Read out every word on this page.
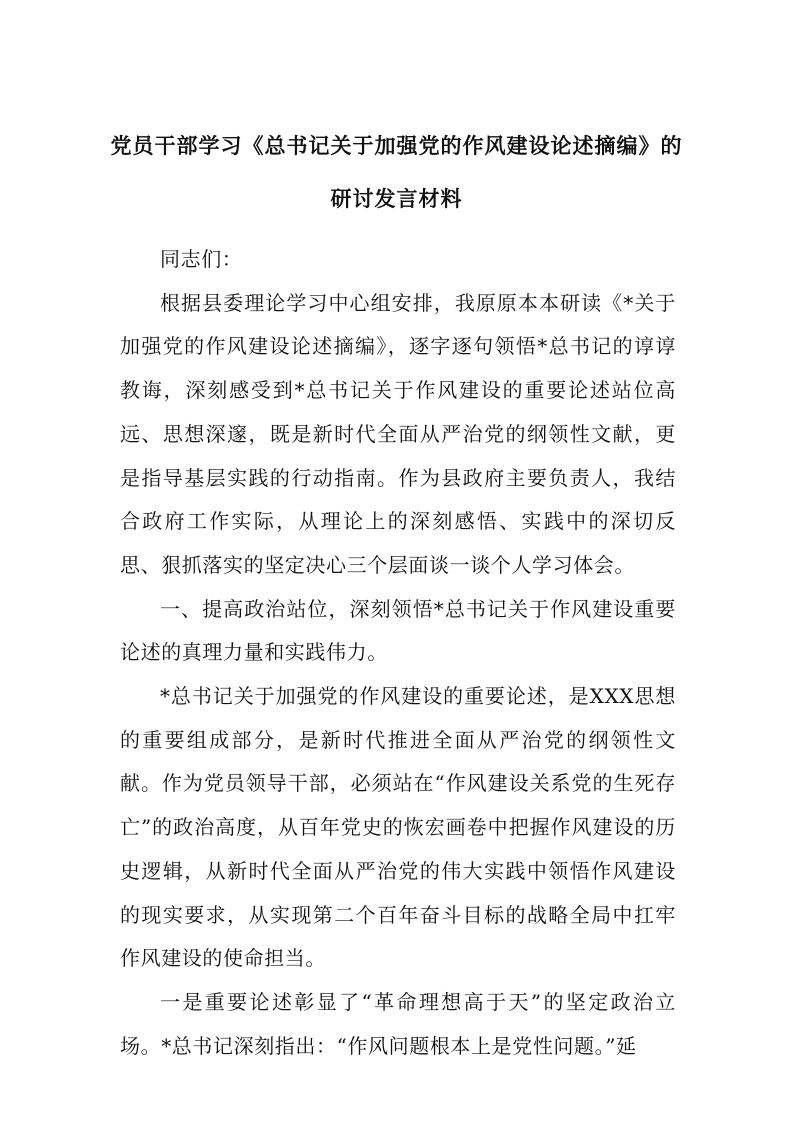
党员干部学习《总书记关于加强党的作风建设论述摘编》的
研讨发言材料

同志们：

根据县委理论学习中心组安排，我原原本本研读《*关于加强党的作风建设论述摘编》，逐字逐句领悟*总书记的谆谆教诲，深刻感受到*总书记关于作风建设的重要论述站位高远、思想深邃，既是新时代全面从严治党的纲领性文献，更是指导基层实践的行动指南。作为县政府主要负责人，我结合政府工作实际，从理论上的深刻感悟、实践中的深切反思、狠抓落实的坚定决心三个层面谈一谈个人学习体会。

一、提高政治站位，深刻领悟*总书记关于作风建设重要论述的真理力量和实践伟力。

*总书记关于加强党的作风建设的重要论述，是XXX思想的重要组成部分，是新时代推进全面从严治党的纲领性文献。作为党员领导干部，必须站在“作风建设关系党的生死存亡”的政治高度，从百年党史的恢宏画卷中把握作风建设的历史逻辑，从新时代全面从严治党的伟大实践中领悟作风建设的现实要求，从实现第二个百年奋斗目标的战略全局中扛牢作风建设的使命担当。

一是重要论述彰显了“革命理想高于天”的坚定政治立场。*总书记深刻指出：“作风问题根本上是党性问题。”延
